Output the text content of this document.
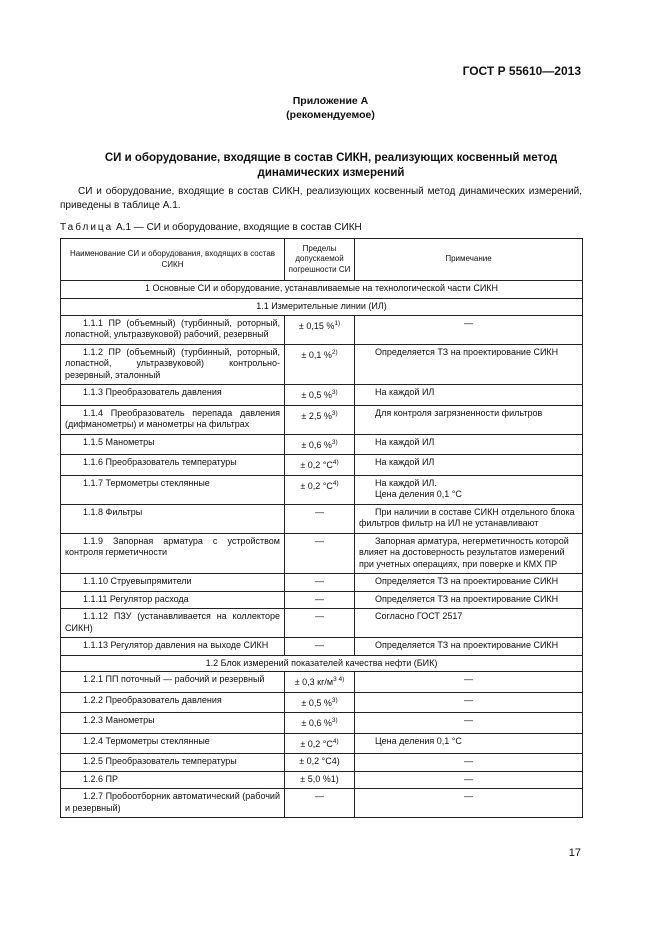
ГОСТ Р 55610—2013
Приложение А
(рекомендуемое)
СИ и оборудование, входящие в состав СИКН, реализующих косвенный метод динамических измерений
СИ и оборудование, входящие в состав СИКН, реализующих косвенный метод динамических измерений, приведены в таблице А.1.
Таблица А.1 — СИ и оборудование, входящие в состав СИКН
Наименование СИ и оборудования, входящих в состав СИКН	Пределы допускаемой погрешности СИ	Примечание
1 Основные СИ и оборудование, устанавливаемые на технологической части СИКН		
1.1 Измерительные линии (ИЛ)		
1.1.1 ПР (объемный) (турбинный, роторный, лопастной, ультразвуковой) рабочий, резервный	± 0,15 %$^{1)}$	—

1.1.2 ПР (объемный) (турбинный, роторный, лопастной, ультразвуковой) контрольно-резервный, эталонный	± 0,1 %$^{2)}$	Определяется ТЗ на проектирование СИКН

1.1.3 Преобразователь давления	± 0,5 %$^{3)}$	На каждой ИЛ

1.1.4 Преобразователь перепада давления (дифманометры) и манометры на фильтрах	± 2,5 %$^{3)}$	Для контроля загрязненности фильтров

1.1.5 Манометры	± 0,6 %$^{3)}$	На каждой ИЛ

1.1.6 Преобразователь температуры	± 0,2 $^\circ С^{4)}$	На каждой ИЛ

1.1.7 Термометры стеклянные	± 0,2 $^\circ С^{4)}$	На каждой ИЛ.
Цена деления 0,1 °С

1.1.8 Фильтры	—	При наличии в составе СИКН отдельного блока фильтров фильтр на ИЛ не устанавливают

1.1.9 Запорная арматура с устройством контроля герметичности	—	Запорная арматура, негерметичность которой влияет на достоверность результатов измерений при учетных операциях, при поверке и КМХ ПР

1.1.10 Струевыпрямители	—	Определяется ТЗ на проектирование СИКН

1.1.11 Регулятор расхода	—	Определяется ТЗ на проектирование СИКН

1.1.12 ПЗУ (устанавливается на коллекторе СИКН)	—	Согласно ГОСТ 2517

1.1.13 Регулятор давления на выходе СИКН	—	Определяется ТЗ на проектирование СИКН

1.2 Блок измерений показателей качества нефти (БИК)		
1.2.1 ПП поточный — рабочий и резервный	± 0,3 $кг/м^{3 4)}$	—

1.2.2 Преобразователь давления	± 0,5 %$^{3)}$	—

1.2.3 Манометры	± 0,6 %$^{3)}$	—

1.2.4 Термометры стеклянные	± 0,2 $^\circ С^{4)}$	Цена деления 0,1 °С

1.2.5 Преобразователь температуры	± 0,2 °С4)	—

1.2.6 ПР	± 5,0 %1)	—

1.2.7 Пробоотборник автоматический (рабочий и резервный)	—	—
17
